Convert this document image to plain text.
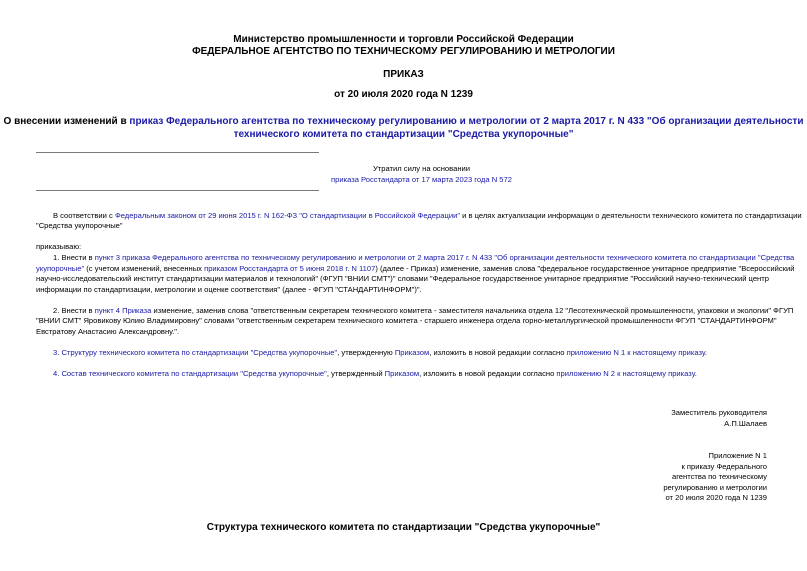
Министерство промышленности и торговли Российской Федерации
ФЕДЕРАЛЬНОЕ АГЕНТСТВО ПО ТЕХНИЧЕСКОМУ РЕГУЛИРОВАНИЮ И МЕТРОЛОГИИ
ПРИКАЗ
от 20 июля 2020 года N 1239
О внесении изменений в приказ Федерального агентства по техническому регулированию и метрологии от 2 марта 2017 г. N 433 "Об организации деятельности
технического комитета по стандартизации "Средства укупорочные"
Утратил силу на основании
приказа Росстандарта от 17 марта 2023 года N 572
В соответствии с Федеральным законом от 29 июня 2015 г. N 162-ФЗ "О стандартизации в Российской Федерации" и в целях актуализации информации о деятельности технического комитета по стандартизации
"Средства укупорочные"
приказываю:
1. Внести в пункт 3 приказа Федерального агентства по техническому регулированию и метрологии от 2 марта 2017 г. N 433 "Об организации деятельности технического комитета по стандартизации "Средства
укупорочные" (с учетом изменений, внесенных приказом Росстандарта от 5 июня 2018 г. N 1107) (далее - Приказ) изменение, заменив слова "федеральное государственное унитарное предприятие "Всероссийский
научно-исследовательский институт стандартизации материалов и технологий" (ФГУП "ВНИИ СМТ")" словами "Федеральное государственное унитарное предприятие "Российский научно-технический центр
информации по стандартизации, метрологии и оценке соответствия" (далее - ФГУП "СТАНДАРТИНФОРМ")".
2. Внести в пункт 4 Приказа изменение, заменив слова "ответственным секретарем технического комитета - заместителя начальника отдела 12 "Лесотехнической промышленности, упаковки и экологии" ФГУП
"ВНИИ СМТ" Яровикову Юлию Владимировну" словами "ответственным секретарем технического комитета - старшего инженера отдела горно-металлургической промышленности ФГУП "СТАНДАРТИНФОРМ"
Евстратову Анастасию Александровну.".
3. Структуру технического комитета по стандартизации "Средства укупорочные", утвержденную Приказом, изложить в новой редакции согласно приложению N 1 к настоящему приказу.
4. Состав технического комитета по стандартизации "Средства укупорочные", утвержденный Приказом, изложить в новой редакции согласно приложению N 2 к настоящему приказу.
Заместитель руководителя
А.П.Шалаев
Приложение N 1
к приказу Федерального
агентства по техническому
регулированию и метрологии
от 20 июля 2020 года N 1239
Структура технического комитета по стандартизации "Средства укупорочные"
